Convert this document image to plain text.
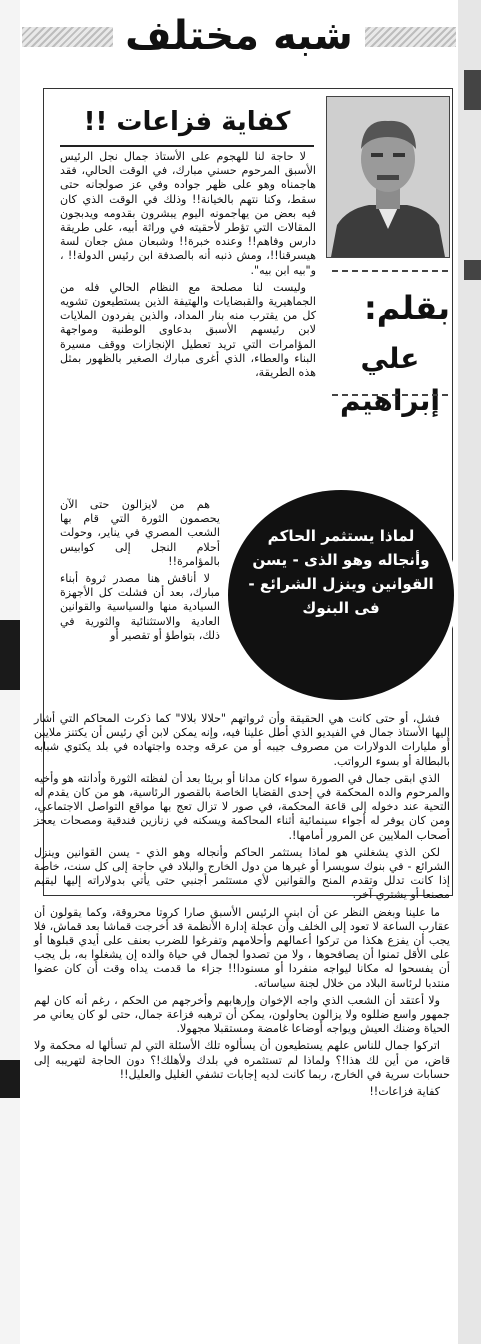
شبه مختلف
كفاية فزاعات !!
بقلم:
علي إبراهيم

لا حاجة لنا للهجوم على الأستاذ جمال نجل الرئيس الأسبق المرحوم حسني مبارك، في الوقت الحالي، فقد هاجمناه وهو على ظهر جواده وفي عز صولجانه حتى سقط، وكنا نتهم بالخيانة!! وذلك في الوقت الذي كان فيه بعض من يهاجمونه اليوم يبشرون بقدومه ويدبجون المقالات التي تؤطر لأحقيته في وراثة أبيه، على طريقة دارس وفاهم!! وعنده خبرة!! وشبعان مش جعان لسة هيسرقنا!!، ومش ذنبه أنه بالصدفة ابن رئيس الدولة!! ، و"بيه ابن بيه".

وليست لنا مصلحة مع النظام الحالي فله من الجماهيرية والقبضايات والهتيفة الذين يستطيعون تشويه كل من يقترب منه بنار المداد، والذين يفردون الملايات لابن رئيسهم الأسبق بدعاوى الوطنية ومواجهة المؤامرات التي تريد تعطيل الإنجازات ووقف مسيرة البناء والعطاء، الذي أغرى مبارك الصغير بالظهور بمثل هذه الطريقة،

لماذا يستثمر الحاكم وأنجاله وهو الذى - يسن القوانين وينزل الشرائع - فى البنوك

هم من لايزالون حتى الآن يحصمون الثورة التي قام بها الشعب المصري في يناير، وحولت أحلام النجل إلى كوابيس بالمؤامرة!!

لا أناقش هنا مصدر ثروة أبناء مبارك، بعد أن فشلت كل الأجهزة السيادية منها والسياسية والقوانين العادية والاستثنائية والثورية في ذلك، بتواطؤ أو تقصير أو

فشل، أو حتى كانت هي الحقيقة وأن ثرواتهم "حلالا بلالا" كما ذكرت المحاكم التي أشار إليها الأستاذ جمال في الفيديو الذي أطل علينا فيه، وإنه يمكن لابن أي رئيس أن يكتنز ملايين أو مليارات الدولارات من مصروف جيبه أو من عرقه وجده واجتهاده في بلد يكتوي شبابه بالبطالة أو بسوء الرواتب.

الذي ابقى جمال في الصورة سواء كان مدانا أو بريئا بعد أن لفظته الثورة وأدانته هو وأخيه والمرحوم والده المحكمة في إحدى القضايا الخاصة بالقصور الرئاسية، هو من كان يقدم له التحية عند دخوله إلى قاعة المحكمة، في صور لا تزال تعج بها مواقع التواصل الاجتماعي، ومن كان يوفر له أجواء سينمائية أثناء المحاكمة ويسكنه في زنازين فندقية ومصحات يعجز أصحاب الملايين عن المرور أمامها!.

لكن الذي يشغلني هو لماذا يستثمر الحاكم وأنجاله وهو الذي - يسن القوانين وينزل الشرائع - في بنوك سويسرا أو غيرها من دول الخارج والبلاد في حاجة إلى كل سنت، خاصة إذا كانت تدلل وتقدم المنح والقوانين لأي مستثمر أجنبي حتى يأتي بدولاراته إليها ليقيم مصنعا أو يشتري آخر.

ما علينا وبغض النظر عن أن ابني الرئيس الأسبق صارا كروتا محروقة، وكما يقولون أن عقارب الساعة لا تعود إلى الخلف وأن عجلة إدارة الأنظمة قد أخرجت قماشا بعد قماش، فلا يجب أن يفزع هكذا من تركوا أعمالهم وأحلامهم وتفرغوا للضرب بعنف على أيدي قبلوها أو على الأقل تمنوا أن يصافحوها ، ولا من تصدوا لجمال في حياة والده إن يشغلوا به، بل يجب أن يفسحوا له مكانا ليواجه منفردا أو مسنودا!! جزاء ما قدمت يداه وقت أن كان عضوا منتدبا لرئاسة البلاد من خلال لجنة سياساته.

ولا أعتقد أن الشعب الذي واجه الإخوان وإرهابهم وأخرجهم من الحكم ، رغم أنه كان لهم جمهور واسع ضللوه ولا يزالون يحاولون، يمكن أن ترهبه فزاعة جمال، حتى لو كان يعاني مر الحياة وضنك العيش ويواجه أوضاعا غامضة ومستقبلا مجهولا.

اتركوا جمال للناس علهم يستطيعون أن يسألوه تلك الأسئلة التي لم تسألها له محكمة ولا قاض، من أين لك هذا!؟ ولماذا لم تستثمره في بلدك ولأهلك!؟ دون الحاجة لتهريبه إلى حسابات سرية في الخارج، ربما كانت لديه إجابات تشفي الغليل والعليل!!

كفاية فزاعات!!
